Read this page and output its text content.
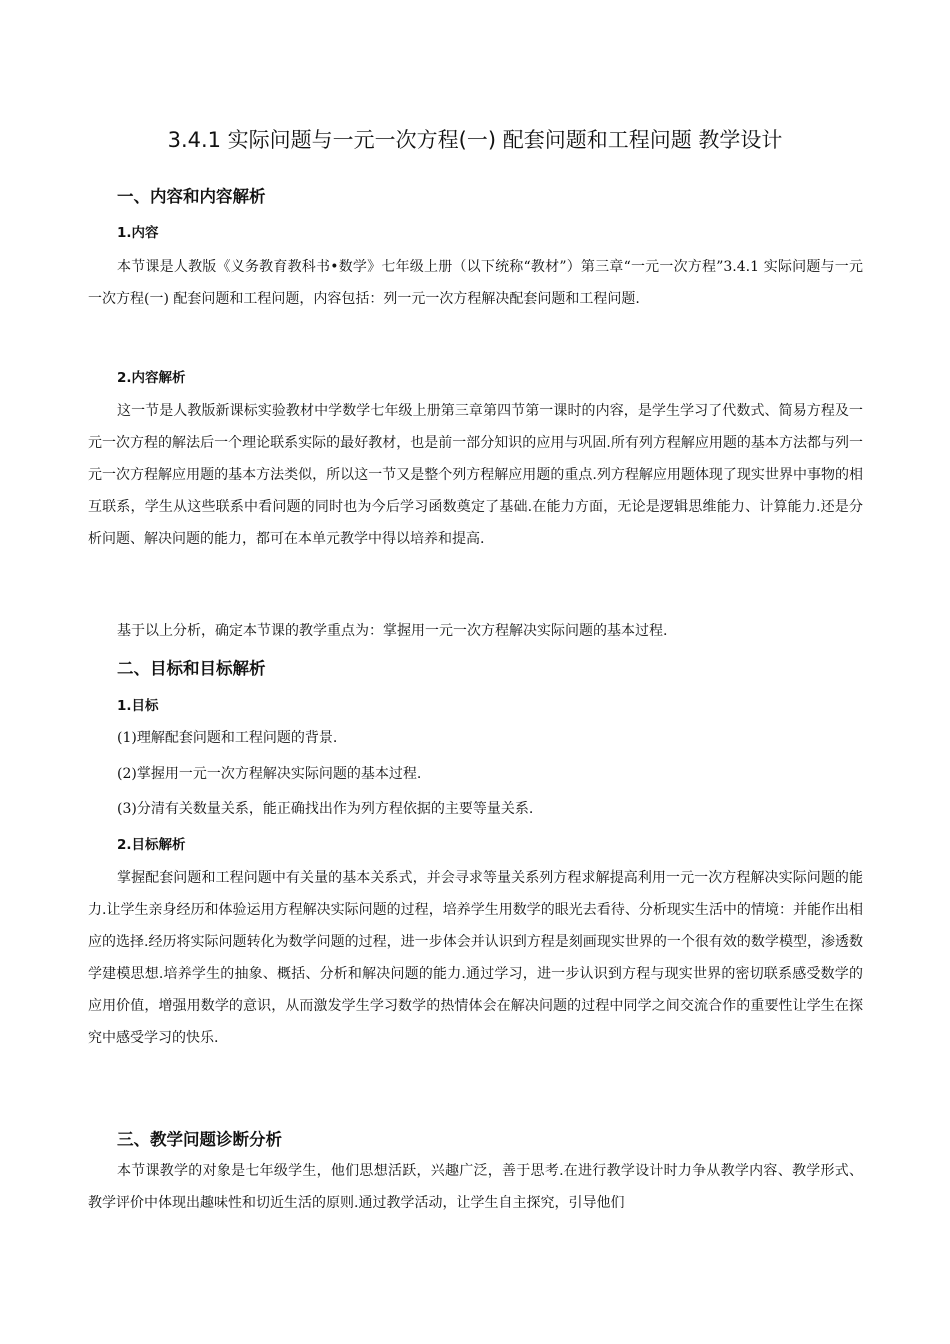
3.4.1 实际问题与一元一次方程(一) 配套问题和工程问题 教学设计
一、内容和内容解析
1.内容

本节课是人教版《义务教育教科书•数学》七年级上册（以下统称“教材”）第三章“一元一次方程”3.4.1 实际问题与一元一次方程(一) 配套问题和工程问题，内容包括：列一元一次方程解决配套问题和工程问题.

2.内容解析

这一节是人教版新课标实验教材中学数学七年级上册第三章第四节第一课时的内容，是学生学习了代数式、简易方程及一元一次方程的解法后一个理论联系实际的最好教材，也是前一部分知识的应用与巩固.所有列方程解应用题的基本方法都与列一元一次方程解应用题的基本方法类似，所以这一节又是整个列方程解应用题的重点.列方程解应用题体现了现实世界中事物的相互联系，学生从这些联系中看问题的同时也为今后学习函数奠定了基础.在能力方面，无论是逻辑思维能力、计算能力.还是分析问题、解决问题的能力，都可在本单元教学中得以培养和提高.

基于以上分析，确定本节课的教学重点为：掌握用一元一次方程解决实际问题的基本过程.

二、目标和目标解析
1.目标
(1)理解配套问题和工程问题的背景.
(2)掌握用一元一次方程解决实际问题的基本过程.
(3)分清有关数量关系，能正确找出作为列方程依据的主要等量关系.
2.目标解析

掌握配套问题和工程问题中有关量的基本关系式，并会寻求等量关系列方程求解提高利用一元一次方程解决实际问题的能力.让学生亲身经历和体验运用方程解决实际问题的过程，培养学生用数学的眼光去看待、分析现实生活中的情境：并能作出相应的选择.经历将实际问题转化为数学问题的过程，进一步体会并认识到方程是刻画现实世界的一个很有效的数学模型，渗透数学建模思想.培养学生的抽象、概括、分析和解决问题的能力.通过学习，进一步认识到方程与现实世界的密切联系感受数学的应用价值，增强用数学的意识，从而激发学生学习数学的热情体会在解决问题的过程中同学之间交流合作的重要性让学生在探究中感受学习的快乐.

三、教学问题诊断分析

本节课教学的对象是七年级学生，他们思想活跃，兴趣广泛，善于思考.在进行教学设计时力争从教学内容、教学形式、教学评价中体现出趣味性和切近生活的原则.通过教学活动，让学生自主探究，引导他们
